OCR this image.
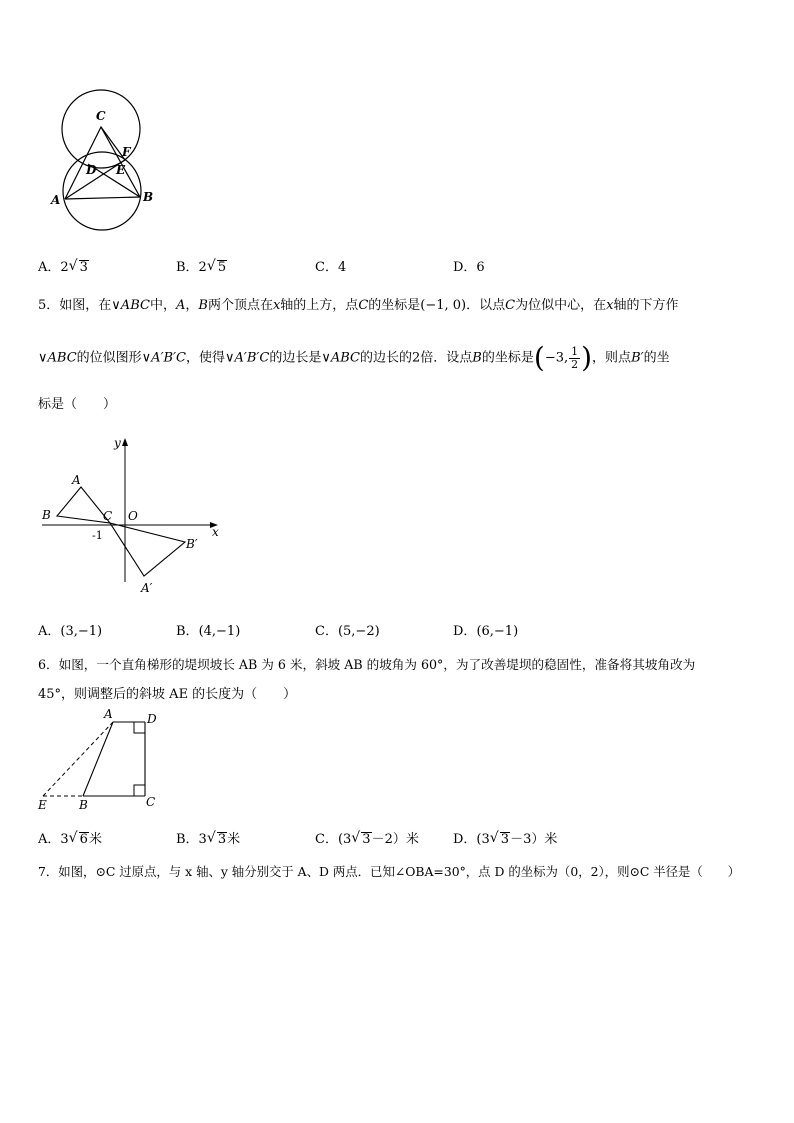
C
F
D E
A	B
A．2 √ 3	B．2 √ 5	C．4	D．6
5．如图，在∨ABC中，A，B两个顶点在x轴的上方，点C的坐标是(−1, 0)．以点C为位似中心，在x轴的下方作
∨ABC的位似图形∨A′B′C，使得∨A′B′C的边长是∨ABC的边长的2倍．设点B的坐标是(−3, $\frac{1}{2}$ )，则点B′的坐
标是（　　）
y
x
A
B	C O
-1
B′
A′
A．(3,−1)	B．(4,−1)	C．(5,−2)	D．(6,−1)
6．如图，一个直角梯形的堤坝坡长 AB 为 6 米，斜坡 AB 的坡角为 60°，为了改善堤坝的稳固性，准备将其坡角改为
45°，则调整后的斜坡 AE 的长度为（　　）
A	D
E	B	C
A．3 √ 6米	B．3 √ 3米	C．(3 √ 3－2）米	D．(3 √ 3－3）米
7．如图，⊙C 过原点，与 x 轴、y 轴分别交于 A、D 两点．已知∠OBA=30°，点 D 的坐标为（0，2），则⊙C 半径是（　　）
